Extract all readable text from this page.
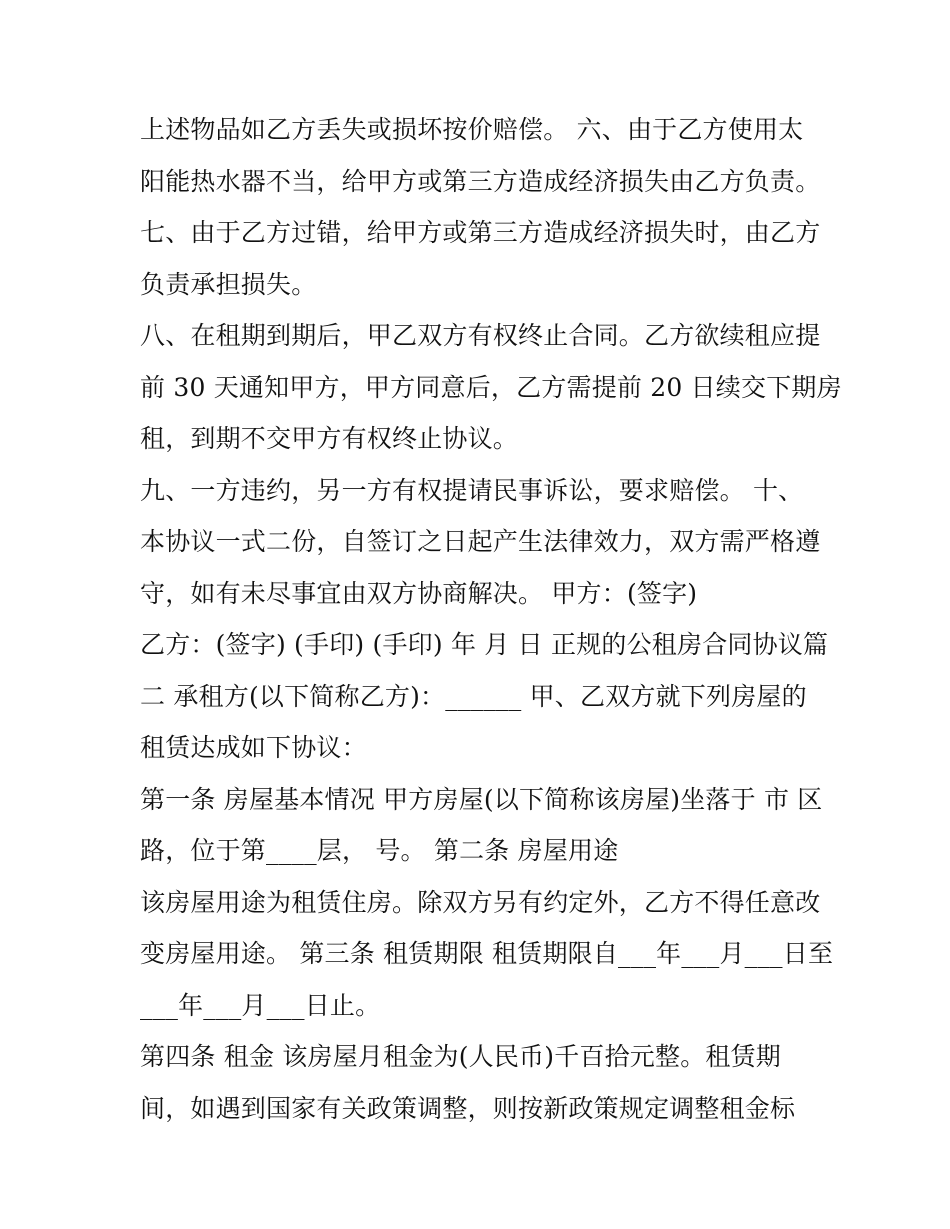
上述物品如乙方丢失或损坏按价赔偿。 六、由于乙方使用太
阳能热水器不当，给甲方或第三方造成经济损失由乙方负责。
七、由于乙方过错，给甲方或第三方造成经济损失时，由乙方
负责承担损失。
八、在租期到期后，甲乙双方有权终止合同。乙方欲续租应提
前 30 天通知甲方，甲方同意后，乙方需提前 20 日续交下期房
租，到期不交甲方有权终止协议。
九、一方违约，另一方有权提请民事诉讼，要求赔偿。 十、
本协议一式二份，自签订之日起产生法律效力，双方需严格遵
守，如有未尽事宜由双方协商解决。 甲方：(签字)
乙方：(签字) (手印) (手印) 年 月 日 正规的公租房合同协议篇
二 承租方(以下简称乙方)：______ 甲、乙双方就下列房屋的
租赁达成如下协议：
第一条 房屋基本情况 甲方房屋(以下简称该房屋)坐落于 市 区
路，位于第____层， 号。 第二条 房屋用途
该房屋用途为租赁住房。除双方另有约定外，乙方不得任意改
变房屋用途。 第三条 租赁期限 租赁期限自___年___月___日至
___年___月___日止。
第四条 租金 该房屋月租金为(人民币)千百拾元整。租赁期
间，如遇到国家有关政策调整，则按新政策规定调整租金标
